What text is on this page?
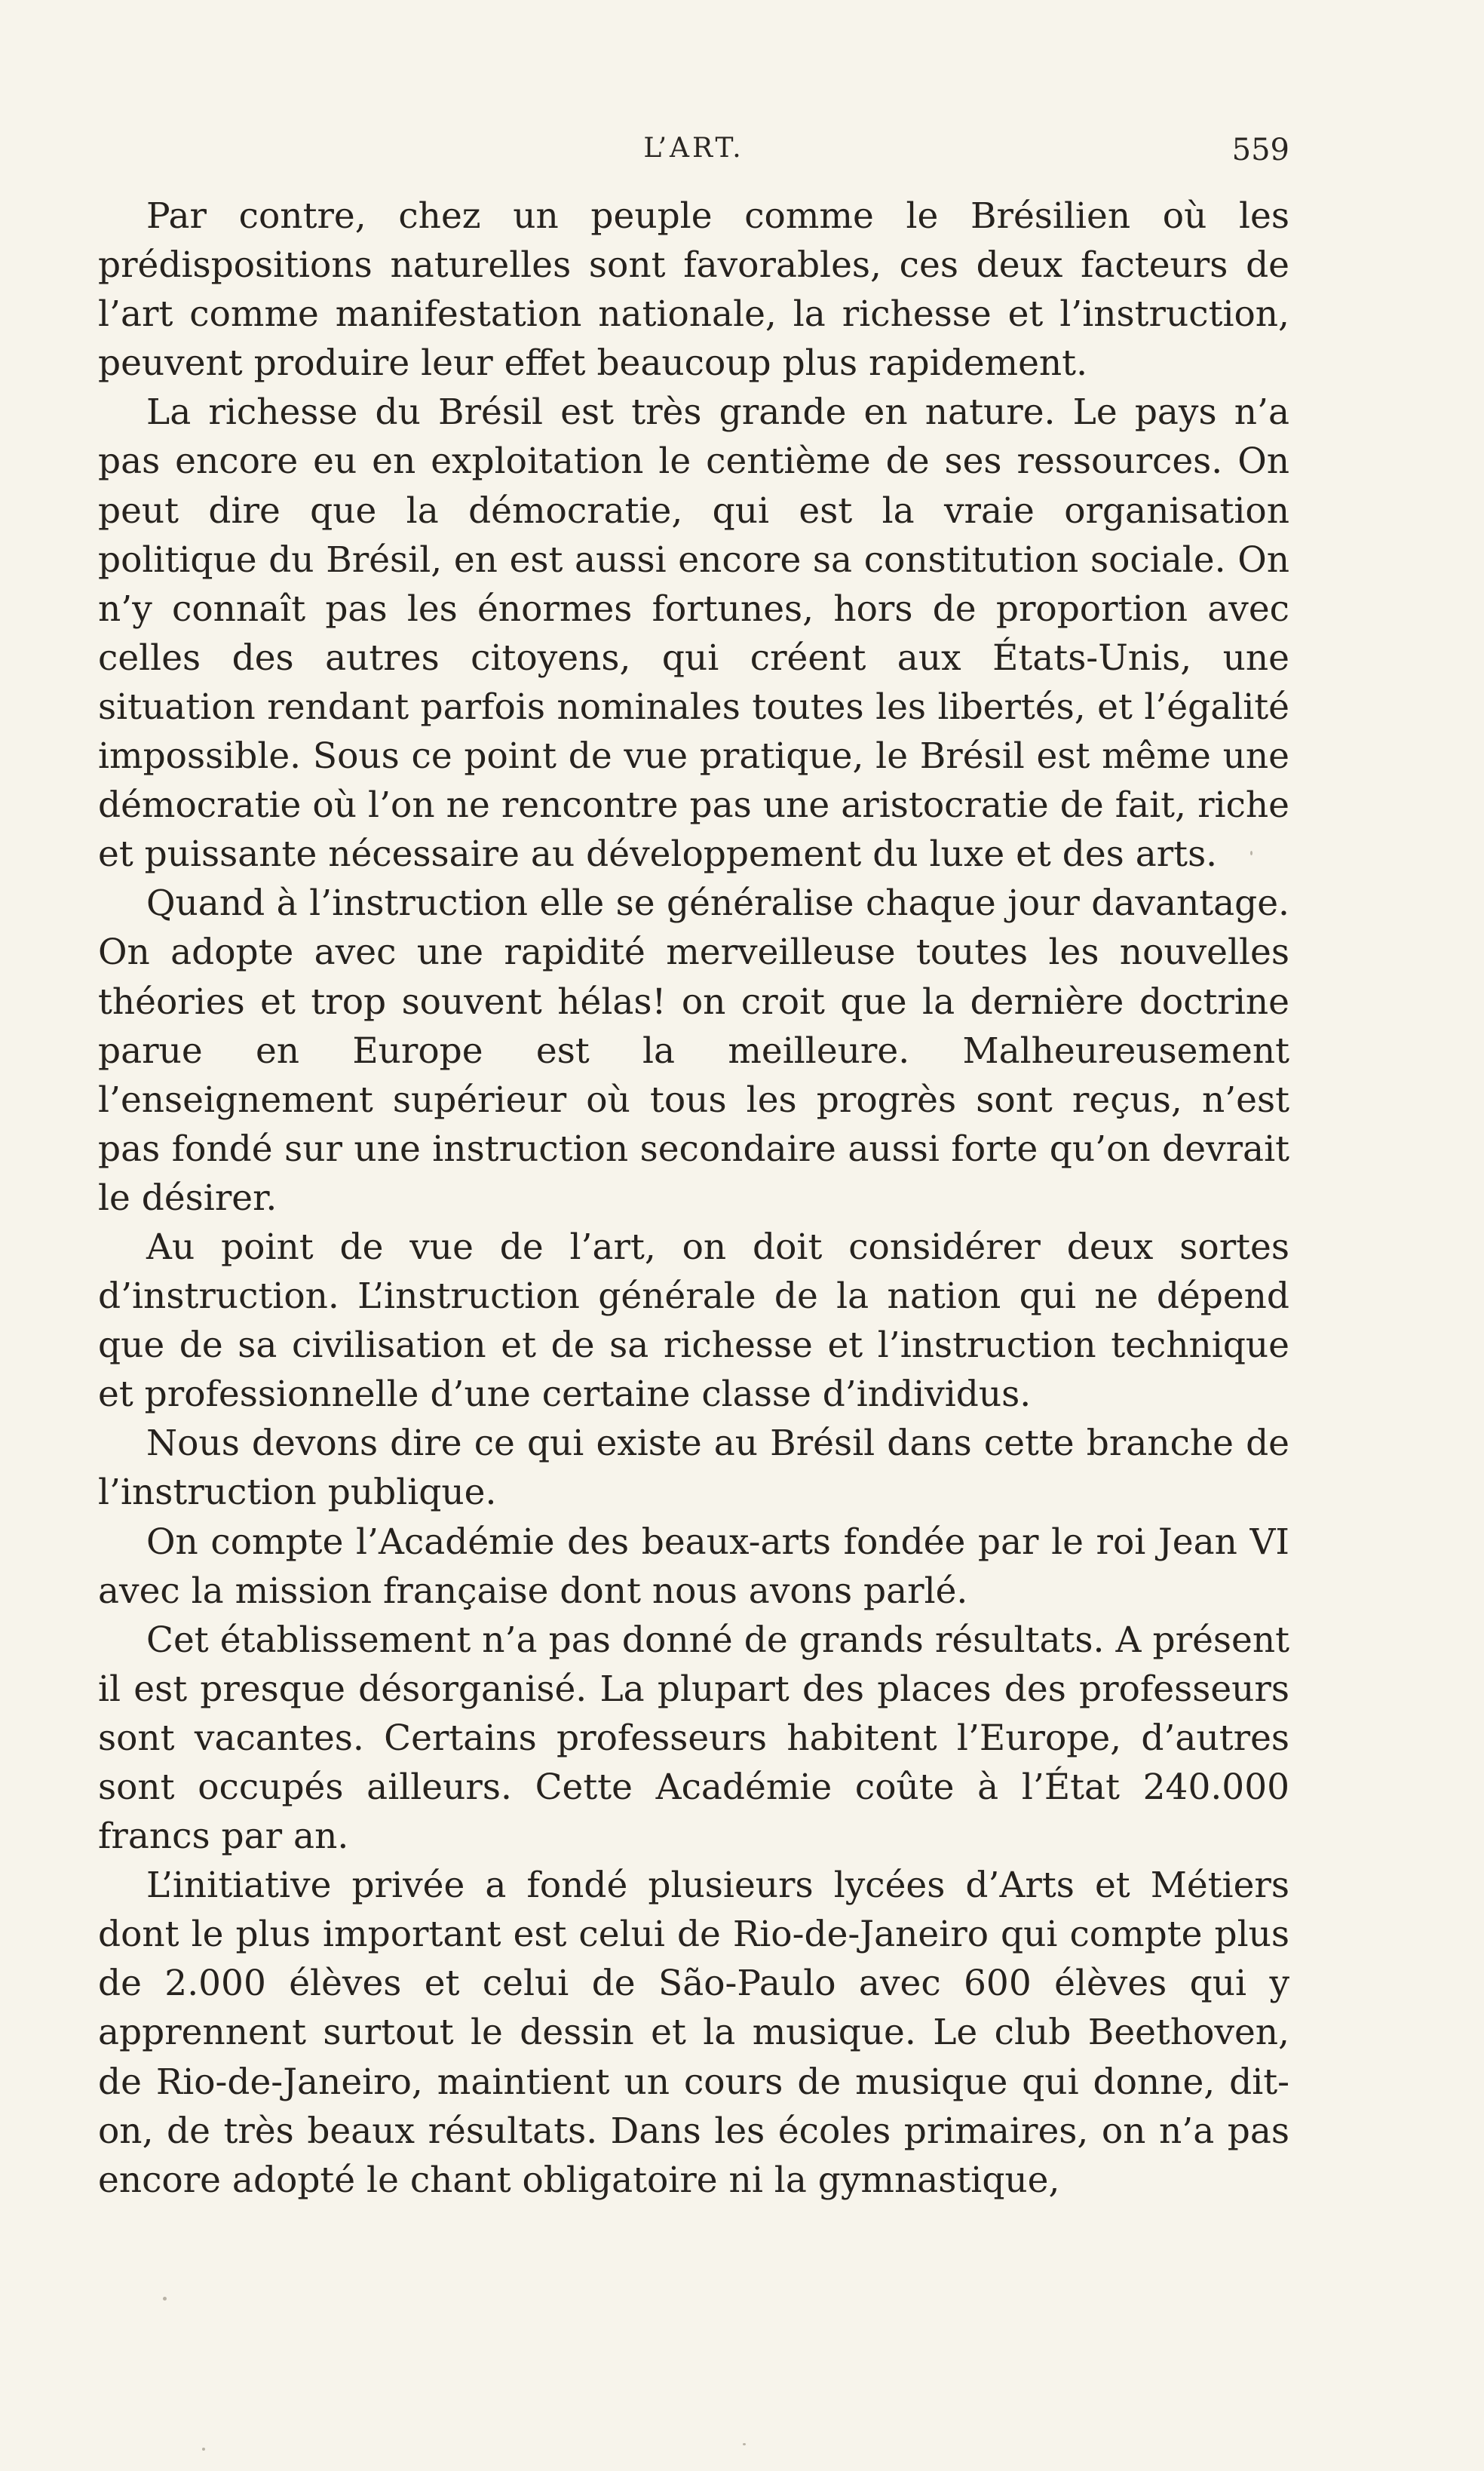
L’ART.	559

Par contre, chez un peuple comme le Brésilien où les prédispositions naturelles sont favorables, ces deux facteurs de l’art comme manifestation nationale, la richesse et l’instruction, peuvent produire leur effet beaucoup plus rapidement.

La richesse du Brésil est très grande en nature. Le pays n’a pas encore eu en exploitation le centième de ses ressources. On peut dire que la démocratie, qui est la vraie organisation politique du Brésil, en est aussi encore sa constitution sociale. On n’y connaît pas les énormes fortunes, hors de proportion avec celles des autres citoyens, qui créent aux États-Unis, une situation rendant parfois nominales toutes les libertés, et l’égalité impossible. Sous ce point de vue pratique, le Brésil est même une démocratie où l’on ne rencontre pas une aristocratie de fait, riche et puissante nécessaire au développement du luxe et des arts.

Quand à l’instruction elle se généralise chaque jour davantage. On adopte avec une rapidité merveilleuse toutes les nouvelles théories et trop souvent hélas! on croit que la dernière doctrine parue en Europe est la meilleure. Malheureusement l’enseignement supérieur où tous les progrès sont reçus, n’est pas fondé sur une instruction secondaire aussi forte qu’on devrait le désirer.

Au point de vue de l’art, on doit considérer deux sortes d’instruction. L’instruction générale de la nation qui ne dépend que de sa civilisation et de sa richesse et l’instruction technique et professionnelle d’une certaine classe d’individus.

Nous devons dire ce qui existe au Brésil dans cette branche de l’instruction publique.

On compte l’Académie des beaux-arts fondée par le roi Jean VI avec la mission française dont nous avons parlé.

Cet établissement n’a pas donné de grands résultats. A présent il est presque désorganisé. La plupart des places des professeurs sont vacantes. Certains professeurs habitent l’Europe, d’autres sont occupés ailleurs. Cette Académie coûte à l’État 240.000 francs par an.

L’initiative privée a fondé plusieurs lycées d’Arts et Métiers dont le plus important est celui de Rio-de-Janeiro qui compte plus de 2.000 élèves et celui de São-Paulo avec 600 élèves qui y apprennent surtout le dessin et la musique. Le club Beethoven, de Rio-de-Janeiro, maintient un cours de musique qui donne, dit-on, de très beaux résultats. Dans les écoles primaires, on n’a pas encore adopté le chant obligatoire ni la gymnastique,
